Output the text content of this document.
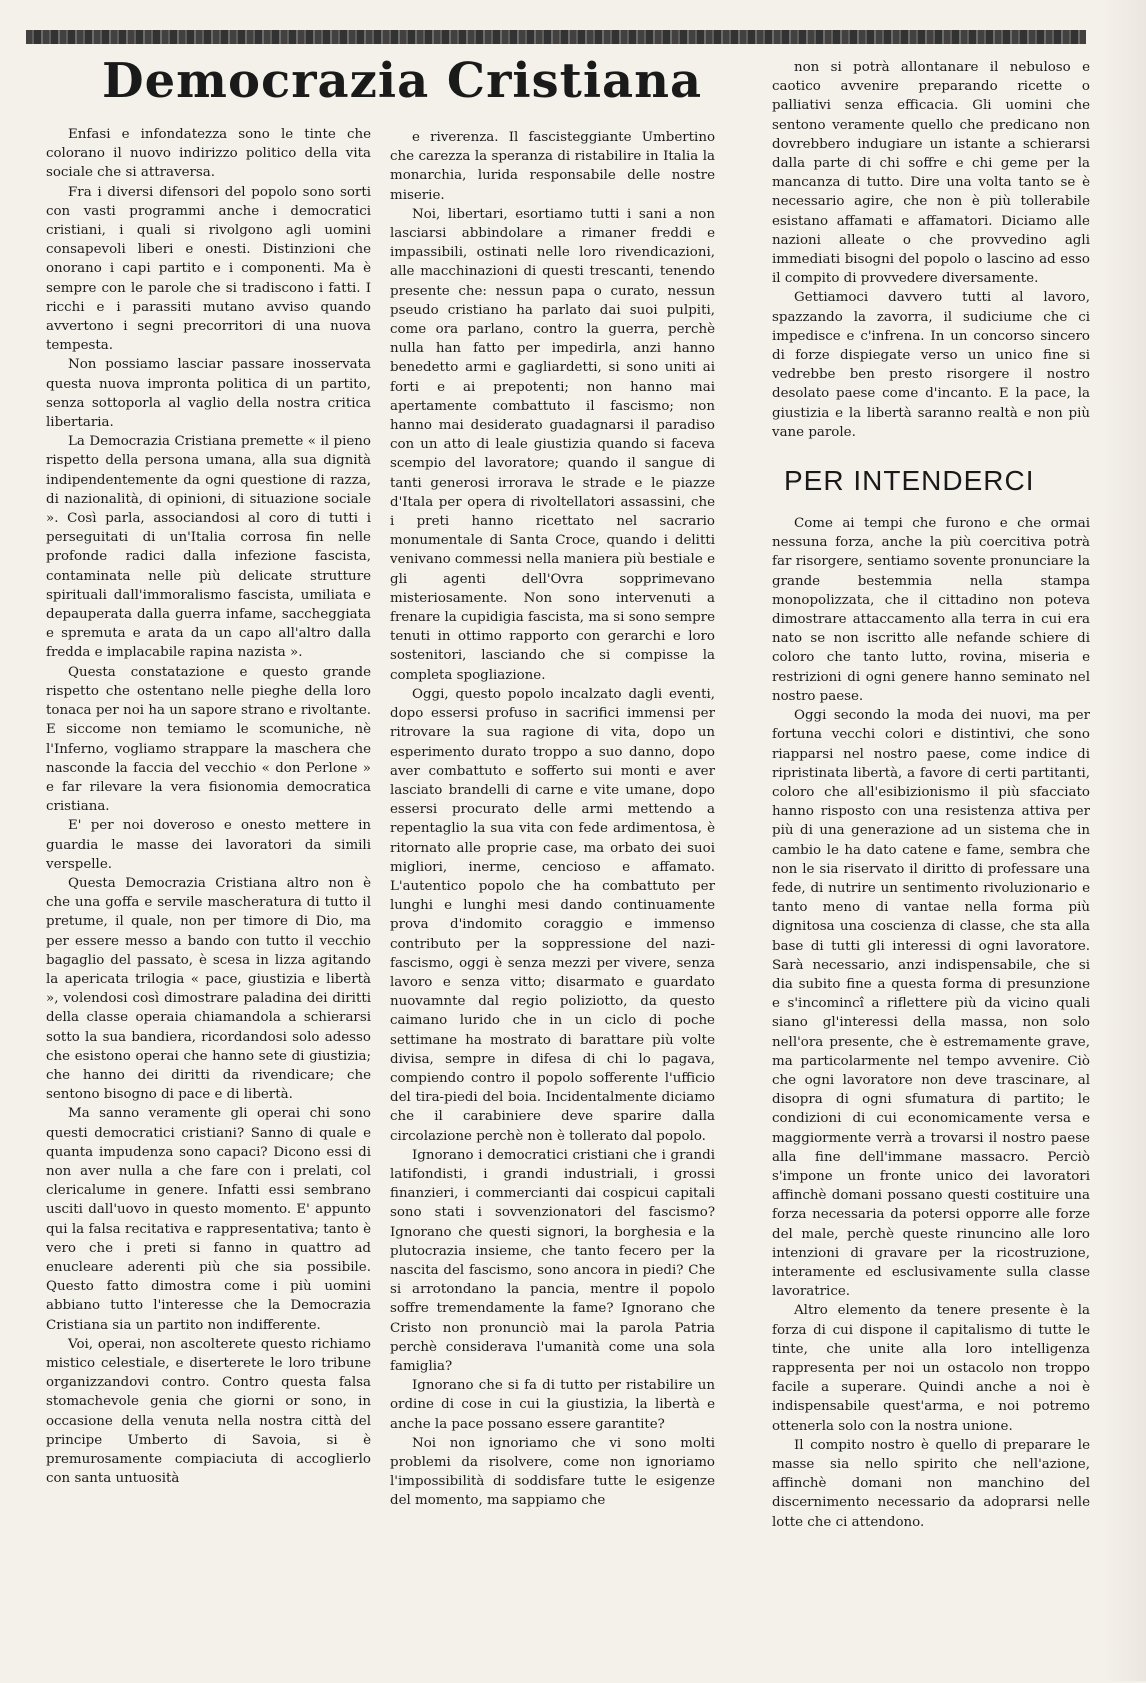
Democrazia Cristiana

Enfasi e infondatezza sono le tinte che colorano il nuovo indirizzo politico della vita sociale che si attraversa.

Fra i diversi difensori del popolo sono sorti con vasti programmi anche i democratici cristiani, i quali si rivolgono agli uomini consapevoli liberi e onesti. Distinzioni che onorano i capi partito e i componenti. Ma è sempre con le parole che si tradiscono i fatti. I ricchi e i parassiti mutano avviso quando avvertono i segni precorritori di una nuova tempesta.

Non possiamo lasciar passare inosservata questa nuova impronta politica di un partito, senza sottoporla al vaglio della nostra critica libertaria.

La Democrazia Cristiana premette « il pieno rispetto della persona umana, alla sua dignità indipendentemente da ogni questione di razza, di nazionalità, di opinioni, di situazione sociale ». Così parla, associandosi al coro di tutti i perseguitati di un'Italia corrosa fin nelle profonde radici dalla infezione fascista, contaminata nelle più delicate strutture spirituali dall'immoralismo fascista, umiliata e depauperata dalla guerra infame, saccheggiata e spremuta e arata da un capo all'altro dalla fredda e implacabile rapina nazista ».

Questa constatazione e questo grande rispetto che ostentano nelle pieghe della loro tonaca per noi ha un sapore strano e rivoltante. E siccome non temiamo le scomuniche, nè l'Inferno, vogliamo strappare la maschera che nasconde la faccia del vecchio « don Perlone » e far rilevare la vera fisionomia democratica cristiana.

E' per noi doveroso e onesto mettere in guardia le masse dei lavoratori da simili verspelle.

Questa Democrazia Cristiana altro non è che una goffa e servile mascheratura di tutto il pretume, il quale, non per timore di Dio, ma per essere messo a bando con tutto il vecchio bagaglio del passato, è scesa in lizza agitando la apericata trilogia « pace, giustizia e libertà », volendosi così dimostrare paladina dei diritti della classe operaia chiamandola a schierarsi sotto la sua bandiera, ricordandosi solo adesso che esistono operai che hanno sete di giustizia; che hanno dei diritti da rivendicare; che sentono bisogno di pace e di libertà.

Ma sanno veramente gli operai chi sono questi democratici cristiani? Sanno di quale e quanta impudenza sono capaci? Dicono essi di non aver nulla a che fare con i prelati, col clericalume in genere. Infatti essi sembrano usciti dall'uovo in questo momento. E' appunto qui la falsa recitativa e rappresentativa; tanto è vero che i preti si fanno in quattro ad enucleare aderenti più che sia possibile. Questo fatto dimostra come i più uomini abbiano tutto l'interesse che la Democrazia Cristiana sia un partito non indifferente.

Voi, operai, non ascolterete questo richiamo mistico celestiale, e diserterete le loro tribune organizzandovi contro. Contro questa falsa stomachevole genia che giorni or sono, in occasione della venuta nella nostra città del principe Umberto di Savoia, si è premurosamente compiaciuta di accoglierlo con santa untuosità

e riverenza. Il fascisteggiante Umbertino che carezza la speranza di ristabilire in Italia la monarchia, lurida responsabile delle nostre miserie.

Noi, libertari, esortiamo tutti i sani a non lasciarsi abbindolare a rimaner freddi e impassibili, ostinati nelle loro rivendicazioni, alle macchinazioni di questi trescanti, tenendo presente che: nessun papa o curato, nessun pseudo cristiano ha parlato dai suoi pulpiti, come ora parlano, contro la guerra, perchè nulla han fatto per impedirla, anzi hanno benedetto armi e gagliardetti, si sono uniti ai forti e ai prepotenti; non hanno mai apertamente combattuto il fascismo; non hanno mai desiderato guadagnarsi il paradiso con un atto di leale giustizia quando si faceva scempio del lavoratore; quando il sangue di tanti generosi irrorava le strade e le piazze d'Itala per opera di rivoltellatori assassini, che i preti hanno ricettato nel sacrario monumentale di Santa Croce, quando i delitti venivano commessi nella maniera più bestiale e gli agenti dell'Ovra sopprimevano misteriosamente. Non sono intervenuti a frenare la cupidigia fascista, ma si sono sempre tenuti in ottimo rapporto con gerarchi e loro sostenitori, lasciando che si compisse la completa spogliazione.

Oggi, questo popolo incalzato dagli eventi, dopo essersi profuso in sacrifici immensi per ritrovare la sua ragione di vita, dopo un esperimento durato troppo a suo danno, dopo aver combattuto e sofferto sui monti e aver lasciato brandelli di carne e vite umane, dopo essersi procurato delle armi mettendo a repentaglio la sua vita con fede ardimentosa, è ritornato alle proprie case, ma orbato dei suoi migliori, inerme, cencioso e affamato. L'autentico popolo che ha combattuto per lunghi e lunghi mesi dando continuamente prova d'indomito coraggio e immenso contributo per la soppressione del nazi-fascismo, oggi è senza mezzi per vivere, senza lavoro e senza vitto; disarmato e guardato nuovamnte dal regio poliziotto, da questo caimano lurido che in un ciclo di poche settimane ha mostrato di barattare più volte divisa, sempre in difesa di chi lo pagava, compiendo contro il popolo sofferente l'ufficio del tira-piedi del boia. Incidentalmente diciamo che il carabiniere deve sparire dalla circolazione perchè non è tollerato dal popolo.

Ignorano i democratici cristiani che i grandi latifondisti, i grandi industriali, i grossi finanzieri, i commercianti dai cospicui capitali sono stati i sovvenzionatori del fascismo? Ignorano che questi signori, la borghesia e la plutocrazia insieme, che tanto fecero per la nascita del fascismo, sono ancora in piedi? Che si arrotondano la pancia, mentre il popolo soffre tremendamente la fame? Ignorano che Cristo non pronunciò mai la parola Patria perchè considerava l'umanità come una sola famiglia?

Ignorano che si fa di tutto per ristabilire un ordine di cose in cui la giustizia, la libertà e anche la pace possano essere garantite?

Noi non ignoriamo che vi sono molti problemi da risolvere, come non ignoriamo l'impossibilità di soddisfare tutte le esigenze del momento, ma sappiamo che

non si potrà allontanare il nebuloso e caotico avvenire preparando ricette o palliativi senza efficacia. Gli uomini che sentono veramente quello che predicano non dovrebbero indugiare un istante a schierarsi dalla parte di chi soffre e chi geme per la mancanza di tutto. Dire una volta tanto se è necessario agire, che non è più tollerabile esistano affamati e affamatori. Diciamo alle nazioni alleate o che provvedino agli immediati bisogni del popolo o lascino ad esso il compito di provvedere diversamente.

Gettiamoci davvero tutti al lavoro, spazzando la zavorra, il sudiciume che ci impedisce e c'infrena. In un concorso sincero di forze dispiegate verso un unico fine si vedrebbe ben presto risorgere il nostro desolato paese come d'incanto. E la pace, la giustizia e la libertà saranno realtà e non più vane parole.

PER INTENDERCI

Come ai tempi che furono e che ormai nessuna forza, anche la più coercitiva potrà far risorgere, sentiamo sovente pronunciare la grande bestemmia nella stampa monopolizzata, che il cittadino non poteva dimostrare attaccamento alla terra in cui era nato se non iscritto alle nefande schiere di coloro che tanto lutto, rovina, miseria e restrizioni di ogni genere hanno seminato nel nostro paese.

Oggi secondo la moda dei nuovi, ma per fortuna vecchi colori e distintivi, che sono riapparsi nel nostro paese, come indice di ripristinata libertà, a favore di certi partitanti, coloro che all'esibizionismo il più sfacciato hanno risposto con una resistenza attiva per più di una generazione ad un sistema che in cambio le ha dato catene e fame, sembra che non le sia riservato il diritto di professare una fede, di nutrire un sentimento rivoluzionario e tanto meno di vantae nella forma più dignitosa una coscienza di classe, che sta alla base di tutti gli interessi di ogni lavoratore. Sarà necessario, anzi indispensabile, che si dia subito fine a questa forma di presunzione e s'incomincî a riflettere più da vicino quali siano gl'interessi della massa, non solo nell'ora presente, che è estremamente grave, ma particolarmente nel tempo avvenire. Ciò che ogni lavoratore non deve trascinare, al disopra di ogni sfumatura di partito; le condizioni di cui economicamente versa e maggiormente verrà a trovarsi il nostro paese alla fine dell'immane massacro. Perciò s'impone un fronte unico dei lavoratori affinchè domani possano questi costituire una forza necessaria da potersi opporre alle forze del male, perchè queste rinuncino alle loro intenzioni di gravare per la ricostruzione, interamente ed esclusivamente sulla classe lavoratrice.

Altro elemento da tenere presente è la forza di cui dispone il capitalismo di tutte le tinte, che unite alla loro intelligenza rappresenta per noi un ostacolo non troppo facile a superare. Quindi anche a noi è indispensabile quest'arma, e noi potremo ottenerla solo con la nostra unione.

Il compito nostro è quello di preparare le masse sia nello spirito che nell'azione, affinchè domani non manchino del discernimento necessario da adoprarsi nelle lotte che ci attendono.
